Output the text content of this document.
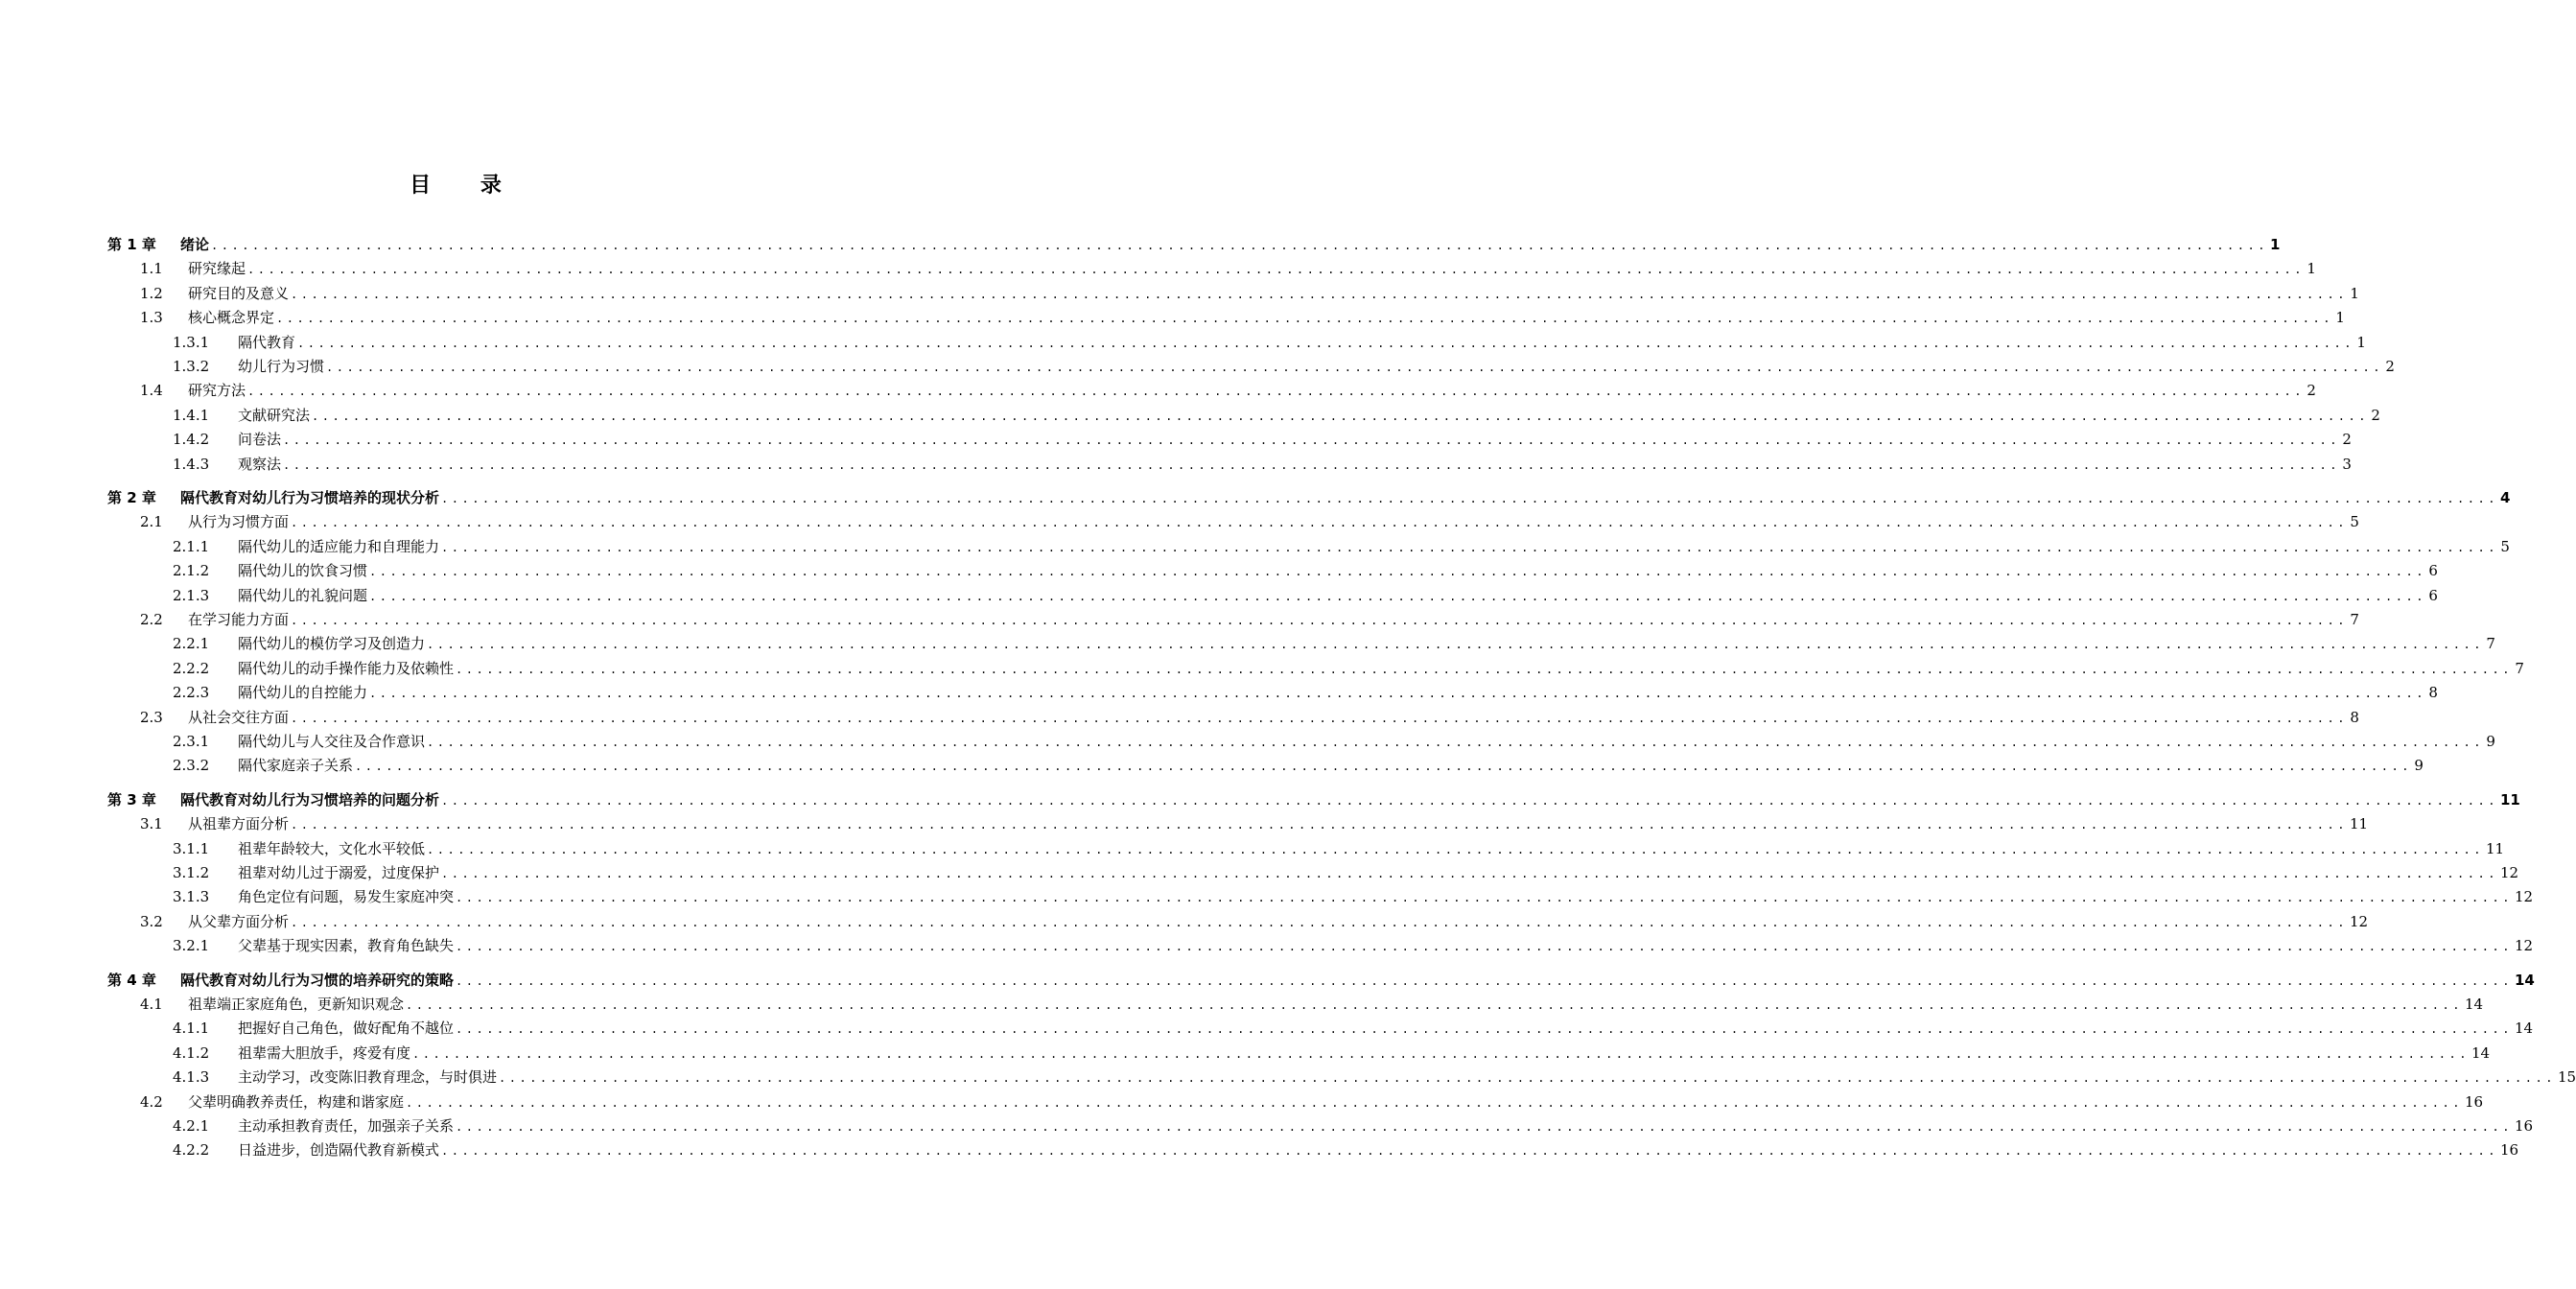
目 录
第 1 章	绪论 ........................................................................................................................................................................................................ 1
1.1	研究缘起 ........................................................................................................................................................................................................ 1
1.2	研究目的及意义 ........................................................................................................................................................................................................ 1
1.3	核心概念界定 ........................................................................................................................................................................................................ 1
1.3.1	隔代教育 ........................................................................................................................................................................................................ 1
1.3.2	幼儿行为习惯 ........................................................................................................................................................................................................ 2
1.4	研究方法 ........................................................................................................................................................................................................ 2
1.4.1	文献研究法 ........................................................................................................................................................................................................ 2
1.4.2	问卷法 ........................................................................................................................................................................................................ 2
1.4.3	观察法 ........................................................................................................................................................................................................ 3
第 2 章	隔代教育对幼儿行为习惯培养的现状分析 ........................................................................................................................................................................................................ 4
2.1	从行为习惯方面 ........................................................................................................................................................................................................ 5
2.1.1	隔代幼儿的适应能力和自理能力 ........................................................................................................................................................................................................ 5
2.1.2	隔代幼儿的饮食习惯 ........................................................................................................................................................................................................ 6
2.1.3	隔代幼儿的礼貌问题 ........................................................................................................................................................................................................ 6
2.2	在学习能力方面 ........................................................................................................................................................................................................ 7
2.2.1	隔代幼儿的模仿学习及创造力 ........................................................................................................................................................................................................ 7
2.2.2	隔代幼儿的动手操作能力及依赖性 ........................................................................................................................................................................................................ 7
2.2.3	隔代幼儿的自控能力 ........................................................................................................................................................................................................ 8
2.3	从社会交往方面 ........................................................................................................................................................................................................ 8
2.3.1	隔代幼儿与人交往及合作意识 ........................................................................................................................................................................................................ 9
2.3.2	隔代家庭亲子关系 ........................................................................................................................................................................................................ 9
第 3 章	隔代教育对幼儿行为习惯培养的问题分析 ........................................................................................................................................................................................................ 11
3.1	从祖辈方面分析 ........................................................................................................................................................................................................ 11
3.1.1	祖辈年龄较大，文化水平较低 ........................................................................................................................................................................................................ 11
3.1.2	祖辈对幼儿过于溺爱，过度保护 ........................................................................................................................................................................................................ 12
3.1.3	角色定位有问题，易发生家庭冲突 ........................................................................................................................................................................................................ 12
3.2	从父辈方面分析 ........................................................................................................................................................................................................ 12
3.2.1	父辈基于现实因素，教育角色缺失 ........................................................................................................................................................................................................ 12
第 4 章	隔代教育对幼儿行为习惯的培养研究的策略 ........................................................................................................................................................................................................ 14
4.1	祖辈端正家庭角色，更新知识观念 ........................................................................................................................................................................................................ 14
4.1.1	把握好自己角色，做好配角不越位 ........................................................................................................................................................................................................ 14
4.1.2	祖辈需大胆放手，疼爱有度 ........................................................................................................................................................................................................ 14
4.1.3	主动学习，改变陈旧教育理念，与时俱进 ........................................................................................................................................................................................................ 15
4.2	父辈明确教养责任，构建和谐家庭 ........................................................................................................................................................................................................ 16
4.2.1	主动承担教育责任，加强亲子关系 ........................................................................................................................................................................................................ 16
4.2.2	日益进步，创造隔代教育新模式 ........................................................................................................................................................................................................ 16
